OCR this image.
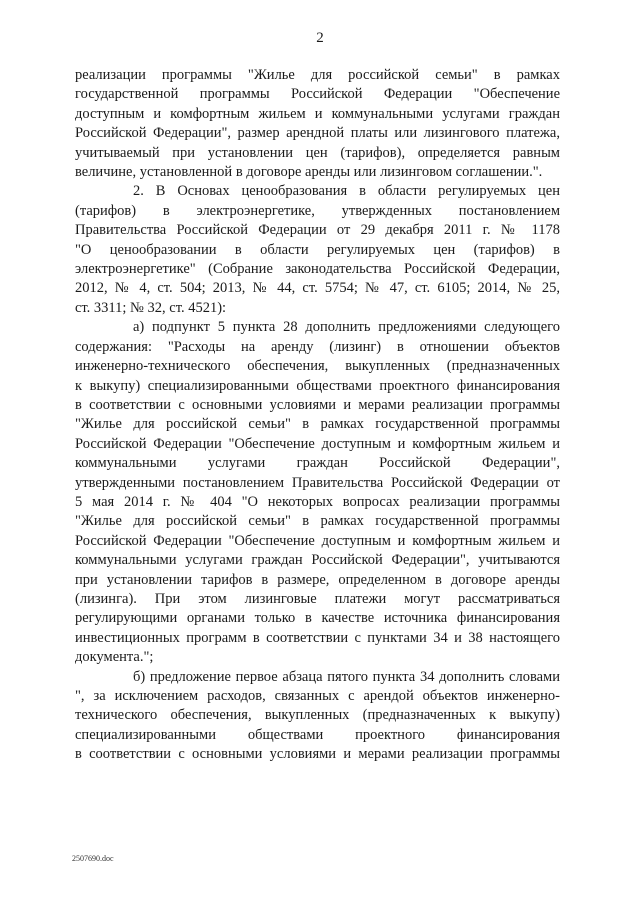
2
реализации программы "Жилье для российской семьи" в рамках
государственной программы Российской Федерации "Обеспечение
доступным и комфортным жильем и коммунальными услугами граждан
Российской Федерации", размер арендной платы или лизингового платежа,
учитываемый при установлении цен (тарифов), определяется равным
величине, установленной в договоре аренды или лизинговом соглашении.".
2. В Основах ценообразования в области регулируемых цен
(тарифов) в электроэнергетике, утвержденных постановлением
Правительства Российской Федерации от 29 декабря 2011 г. № 1178
"О ценообразовании в области регулируемых цен (тарифов) в
электроэнергетике" (Собрание законодательства Российской Федерации,
2012, № 4, ст. 504; 2013, № 44, ст. 5754; № 47, ст. 6105; 2014, № 25,
ст. 3311; № 32, ст. 4521):
а) подпункт 5 пункта 28 дополнить предложениями следующего
содержания: "Расходы на аренду (лизинг) в отношении объектов
инженерно-технического обеспечения, выкупленных (предназначенных
к выкупу) специализированными обществами проектного финансирования
в соответствии с основными условиями и мерами реализации программы
"Жилье для российской семьи" в рамках государственной программы
Российской Федерации "Обеспечение доступным и комфортным жильем и
коммунальными услугами граждан Российской Федерации",
утвержденными постановлением Правительства Российской Федерации от
5 мая 2014 г. № 404 "О некоторых вопросах реализации программы
"Жилье для российской семьи" в рамках государственной программы
Российской Федерации "Обеспечение доступным и комфортным жильем и
коммунальными услугами граждан Российской Федерации", учитываются
при установлении тарифов в размере, определенном в договоре аренды
(лизинга). При этом лизинговые платежи могут рассматриваться
регулирующими органами только в качестве источника финансирования
инвестиционных программ в соответствии с пунктами 34 и 38 настоящего
документа.";
б) предложение первое абзаца пятого пункта 34 дополнить словами
", за исключением расходов, связанных с арендой объектов инженерно-
технического обеспечения, выкупленных (предназначенных к выкупу)
специализированными обществами проектного финансирования
в соответствии с основными условиями и мерами реализации программы
2507690.doc
